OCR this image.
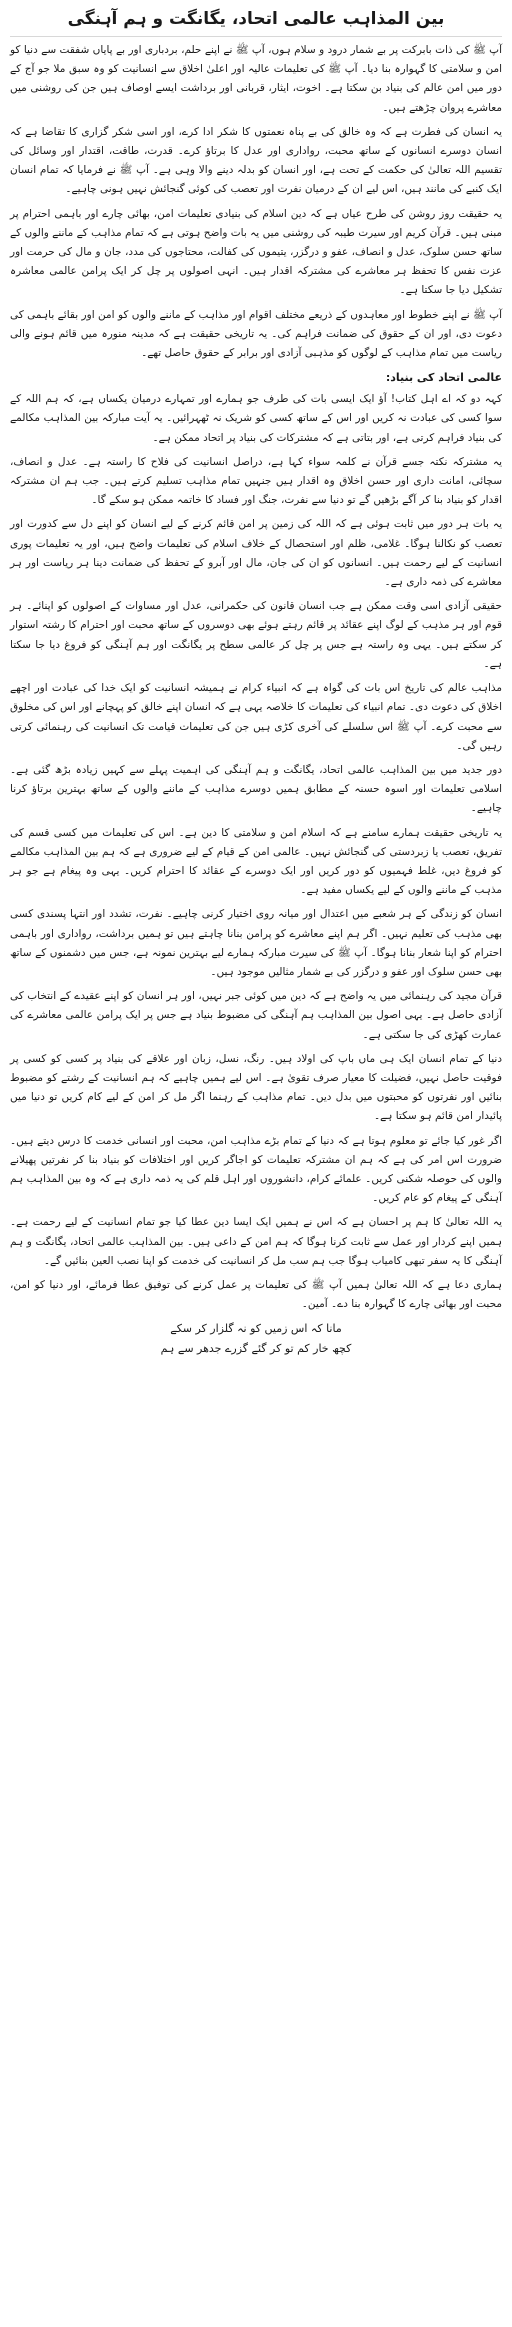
بین المذاہب عالمی اتحاد، یگانگت و ہم آہنگی

آپ ﷺ کی ذات بابرکت پر بے شمار درود و سلام ہوں، آپ ﷺ نے اپنے حلم، بردباری اور بے پایاں شفقت سے دنیا کو امن و سلامتی کا گہوارہ بنا دیا۔ آپ ﷺ کی تعلیمات عالیہ اور اعلیٰ اخلاق سے انسانیت کو وہ سبق ملا جو آج کے دور میں امن عالم کی بنیاد بن سکتا ہے۔ اخوت، ایثار، قربانی اور برداشت ایسے اوصاف ہیں جن کی روشنی میں معاشرے پروان چڑھتے ہیں۔

یہ انسان کی فطرت ہے کہ وہ خالق کی بے پناہ نعمتوں کا شکر ادا کرے، اور اسی شکر گزاری کا تقاضا ہے کہ انسان دوسرے انسانوں کے ساتھ محبت، رواداری اور عدل کا برتاؤ کرے۔ قدرت، طاقت، اقتدار اور وسائل کی تقسیم اللہ تعالیٰ کی حکمت کے تحت ہے، اور انسان کو بدلہ دینے والا وہی ہے۔ آپ ﷺ نے فرمایا کہ تمام انسان ایک کنبے کی مانند ہیں، اس لیے ان کے درمیان نفرت اور تعصب کی کوئی گنجائش نہیں ہونی چاہیے۔

یہ حقیقت روز روشن کی طرح عیاں ہے کہ دین اسلام کی بنیادی تعلیمات امن، بھائی چارے اور باہمی احترام پر مبنی ہیں۔ قرآن کریم اور سیرت طیبہ کی روشنی میں یہ بات واضح ہوتی ہے کہ تمام مذاہب کے ماننے والوں کے ساتھ حسن سلوک، عدل و انصاف، عفو و درگزر، یتیموں کی کفالت، محتاجوں کی مدد، جان و مال کی حرمت اور عزت نفس کا تحفظ ہر معاشرے کی مشترکہ اقدار ہیں۔ انہی اصولوں پر چل کر ایک پرامن عالمی معاشرہ تشکیل دیا جا سکتا ہے۔

آپ ﷺ نے اپنے خطوط اور معاہدوں کے ذریعے مختلف اقوام اور مذاہب کے ماننے والوں کو امن اور بقائے باہمی کی دعوت دی، اور ان کے حقوق کی ضمانت فراہم کی۔ یہ تاریخی حقیقت ہے کہ مدینہ منورہ میں قائم ہونے والی ریاست میں تمام مذاہب کے لوگوں کو مذہبی آزادی اور برابر کے حقوق حاصل تھے۔

عالمی اتحاد کی بنیاد:

کہہ دو کہ اے اہل کتاب! آؤ ایک ایسی بات کی طرف جو ہمارے اور تمہارے درمیان یکساں ہے، کہ ہم اللہ کے سوا کسی کی عبادت نہ کریں اور اس کے ساتھ کسی کو شریک نہ ٹھہرائیں۔ یہ آیت مبارکہ بین المذاہب مکالمے کی بنیاد فراہم کرتی ہے، اور بتاتی ہے کہ مشترکات کی بنیاد پر اتحاد ممکن ہے۔

یہ مشترکہ نکتہ جسے قرآن نے کلمہ سواء کہا ہے، دراصل انسانیت کی فلاح کا راستہ ہے۔ عدل و انصاف، سچائی، امانت داری اور حسن اخلاق وہ اقدار ہیں جنہیں تمام مذاہب تسلیم کرتے ہیں۔ جب ہم ان مشترکہ اقدار کو بنیاد بنا کر آگے بڑھیں گے تو دنیا سے نفرت، جنگ اور فساد کا خاتمہ ممکن ہو سکے گا۔

یہ بات ہر دور میں ثابت ہوئی ہے کہ اللہ کی زمین پر امن قائم کرنے کے لیے انسان کو اپنے دل سے کدورت اور تعصب کو نکالنا ہوگا۔ غلامی، ظلم اور استحصال کے خلاف اسلام کی تعلیمات واضح ہیں، اور یہ تعلیمات پوری انسانیت کے لیے رحمت ہیں۔ انسانوں کو ان کی جان، مال اور آبرو کے تحفظ کی ضمانت دینا ہر ریاست اور ہر معاشرے کی ذمہ داری ہے۔

حقیقی آزادی اسی وقت ممکن ہے جب انسان قانون کی حکمرانی، عدل اور مساوات کے اصولوں کو اپنائے۔ ہر قوم اور ہر مذہب کے لوگ اپنے عقائد پر قائم رہتے ہوئے بھی دوسروں کے ساتھ محبت اور احترام کا رشتہ استوار کر سکتے ہیں۔ یہی وہ راستہ ہے جس پر چل کر عالمی سطح پر یگانگت اور ہم آہنگی کو فروغ دیا جا سکتا ہے۔

مذاہب عالم کی تاریخ اس بات کی گواہ ہے کہ انبیاء کرام نے ہمیشہ انسانیت کو ایک خدا کی عبادت اور اچھے اخلاق کی دعوت دی۔ تمام انبیاء کی تعلیمات کا خلاصہ یہی ہے کہ انسان اپنے خالق کو پہچانے اور اس کی مخلوق سے محبت کرے۔ آپ ﷺ اس سلسلے کی آخری کڑی ہیں جن کی تعلیمات قیامت تک انسانیت کی رہنمائی کرتی رہیں گی۔

دور جدید میں بین المذاہب عالمی اتحاد، یگانگت و ہم آہنگی کی اہمیت پہلے سے کہیں زیادہ بڑھ گئی ہے۔ اسلامی تعلیمات اور اسوہ حسنہ کے مطابق ہمیں دوسرے مذاہب کے ماننے والوں کے ساتھ بہترین برتاؤ کرنا چاہیے۔

یہ تاریخی حقیقت ہمارے سامنے ہے کہ اسلام امن و سلامتی کا دین ہے۔ اس کی تعلیمات میں کسی قسم کی تفریق، تعصب یا زبردستی کی گنجائش نہیں۔ عالمی امن کے قیام کے لیے ضروری ہے کہ ہم بین المذاہب مکالمے کو فروغ دیں، غلط فہمیوں کو دور کریں اور ایک دوسرے کے عقائد کا احترام کریں۔ یہی وہ پیغام ہے جو ہر مذہب کے ماننے والوں کے لیے یکساں مفید ہے۔

انسان کو زندگی کے ہر شعبے میں اعتدال اور میانہ روی اختیار کرنی چاہیے۔ نفرت، تشدد اور انتہا پسندی کسی بھی مذہب کی تعلیم نہیں۔ اگر ہم اپنے معاشرے کو پرامن بنانا چاہتے ہیں تو ہمیں برداشت، رواداری اور باہمی احترام کو اپنا شعار بنانا ہوگا۔ آپ ﷺ کی سیرت مبارکہ ہمارے لیے بہترین نمونہ ہے، جس میں دشمنوں کے ساتھ بھی حسن سلوک اور عفو و درگزر کی بے شمار مثالیں موجود ہیں۔

قرآن مجید کی رہنمائی میں یہ واضح ہے کہ دین میں کوئی جبر نہیں، اور ہر انسان کو اپنے عقیدے کے انتخاب کی آزادی حاصل ہے۔ یہی اصول بین المذاہب ہم آہنگی کی مضبوط بنیاد ہے جس پر ایک پرامن عالمی معاشرے کی عمارت کھڑی کی جا سکتی ہے۔

دنیا کے تمام انسان ایک ہی ماں باپ کی اولاد ہیں۔ رنگ، نسل، زبان اور علاقے کی بنیاد پر کسی کو کسی پر فوقیت حاصل نہیں، فضیلت کا معیار صرف تقویٰ ہے۔ اس لیے ہمیں چاہیے کہ ہم انسانیت کے رشتے کو مضبوط بنائیں اور نفرتوں کو محبتوں میں بدل دیں۔ تمام مذاہب کے رہنما اگر مل کر امن کے لیے کام کریں تو دنیا میں پائیدار امن قائم ہو سکتا ہے۔

اگر غور کیا جائے تو معلوم ہوتا ہے کہ دنیا کے تمام بڑے مذاہب امن، محبت اور انسانی خدمت کا درس دیتے ہیں۔ ضرورت اس امر کی ہے کہ ہم ان مشترکہ تعلیمات کو اجاگر کریں اور اختلافات کو بنیاد بنا کر نفرتیں پھیلانے والوں کی حوصلہ شکنی کریں۔ علمائے کرام، دانشوروں اور اہل قلم کی یہ ذمہ داری ہے کہ وہ بین المذاہب ہم آہنگی کے پیغام کو عام کریں۔

یہ اللہ تعالیٰ کا ہم پر احسان ہے کہ اس نے ہمیں ایک ایسا دین عطا کیا جو تمام انسانیت کے لیے رحمت ہے۔ ہمیں اپنے کردار اور عمل سے ثابت کرنا ہوگا کہ ہم امن کے داعی ہیں۔ بین المذاہب عالمی اتحاد، یگانگت و ہم آہنگی کا یہ سفر تبھی کامیاب ہوگا جب ہم سب مل کر انسانیت کی خدمت کو اپنا نصب العین بنائیں گے۔

ہماری دعا ہے کہ اللہ تعالیٰ ہمیں آپ ﷺ کی تعلیمات پر عمل کرنے کی توفیق عطا فرمائے، اور دنیا کو امن، محبت اور بھائی چارے کا گہوارہ بنا دے۔ آمین۔

مانا کہ اس زمیں کو نہ گلزار کر سکے

کچھ خار کم تو کر گئے گزرے جدھر سے ہم
